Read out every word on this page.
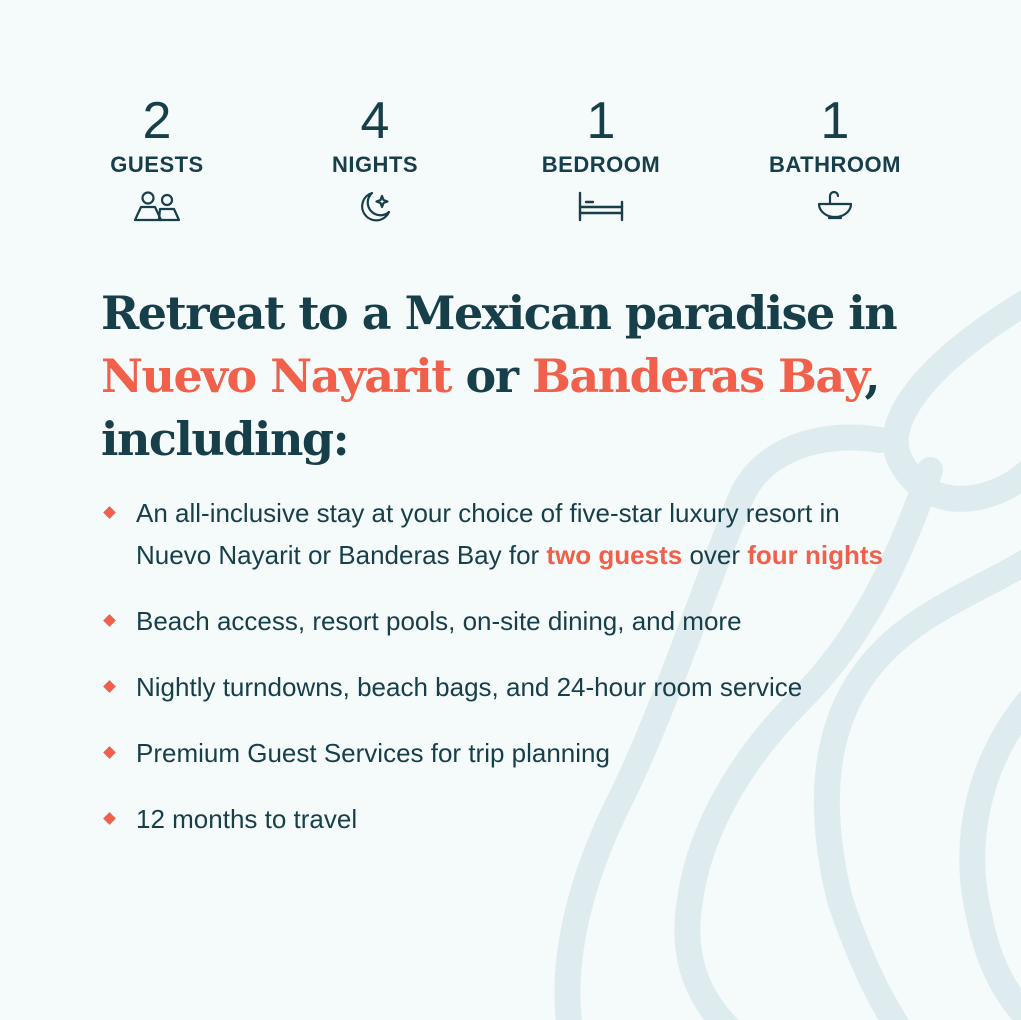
2
GUESTS
4
NIGHTS
1
BEDROOM
1
BATHROOM
Retreat to a Mexican paradise in Nuevo Nayarit or Banderas Bay, including:
An all-inclusive stay at your choice of five-star luxury resort in Nuevo Nayarit or Banderas Bay for two guests over four nights
Beach access, resort pools, on-site dining, and more
Nightly turndowns, beach bags, and 24-hour room service
Premium Guest Services for trip planning
12 months to travel
